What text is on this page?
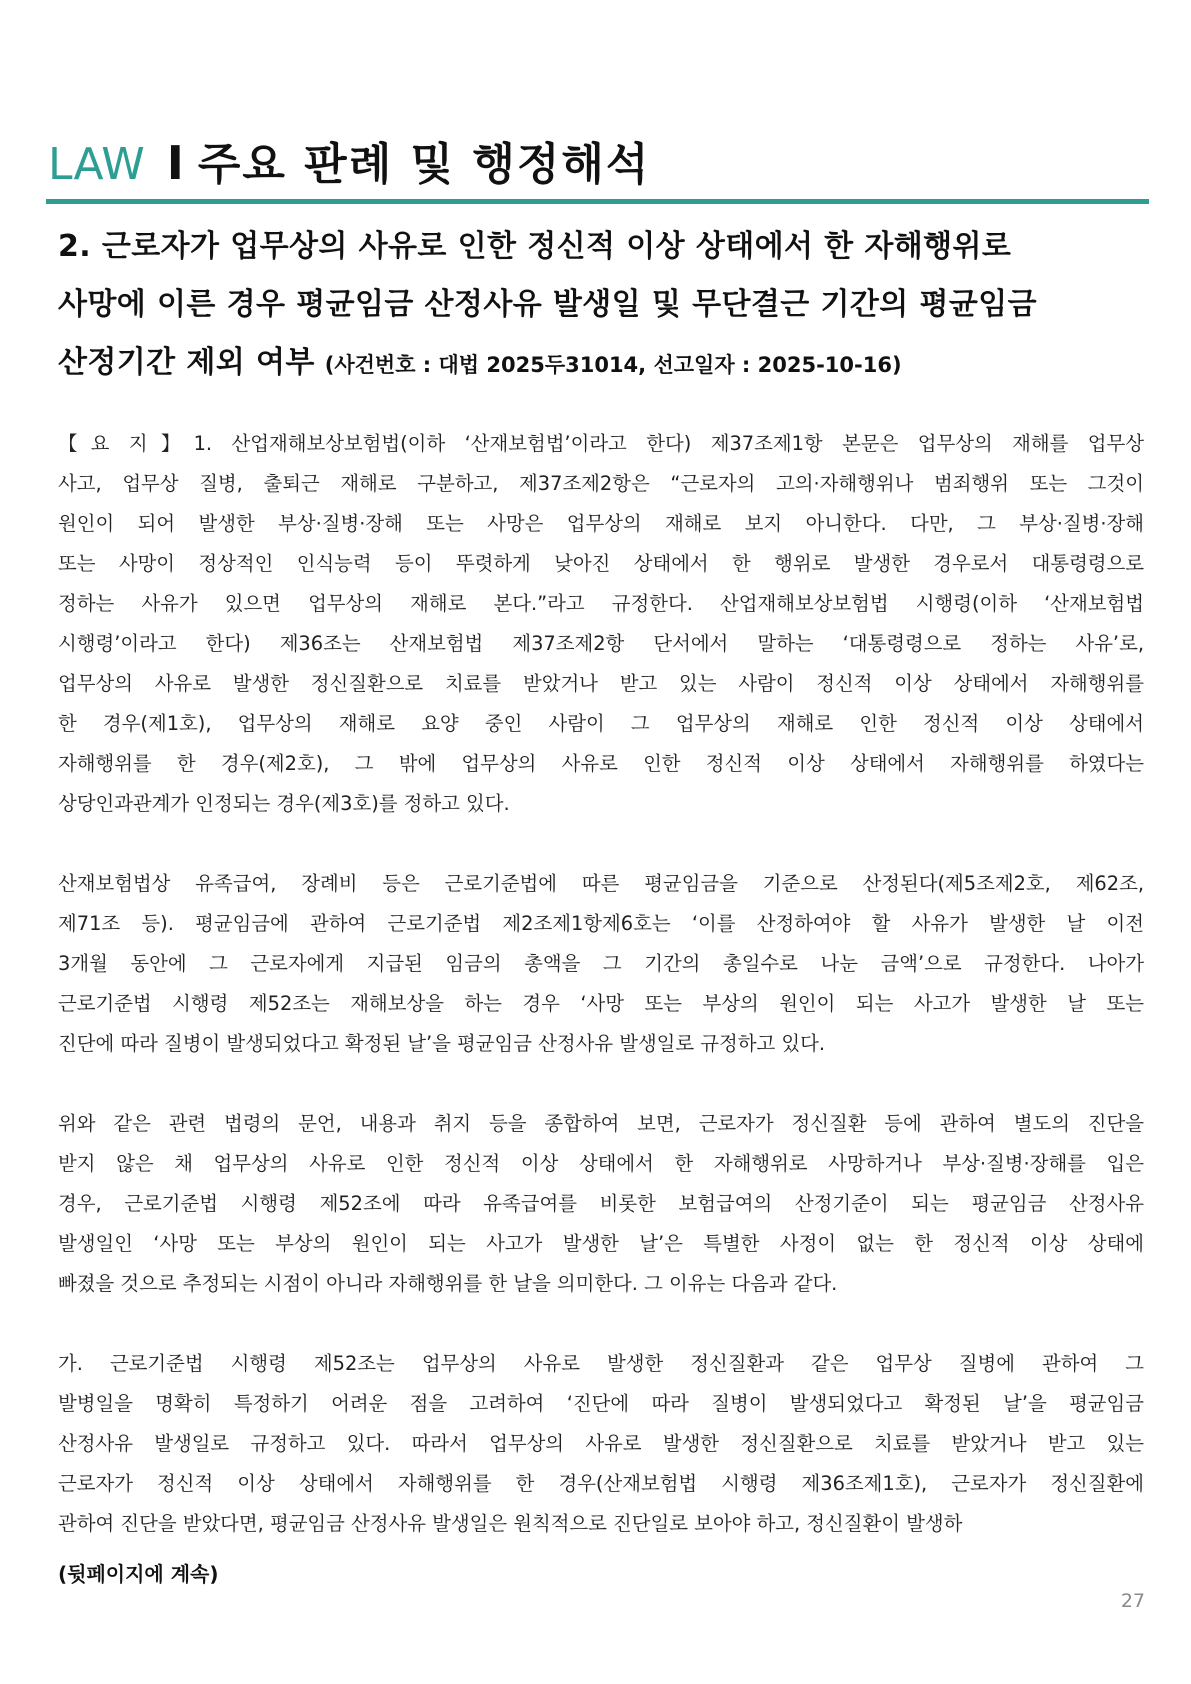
LAW I 주요 판례 및 행정해석
2. 근로자가 업무상의 사유로 인한 정신적 이상 상태에서 한 자해행위로
사망에 이른 경우 평균임금 산정사유 발생일 및 무단결근 기간의 평균임금
산정기간 제외 여부 (사건번호 : 대법 2025두31014, 선고일자 : 2025-10-16)
【요 지】1. 산업재해보상보험법(이하 ‘산재보험법’이라고 한다) 제37조제1항 본문은 업무상의 재해를 업무상
사고, 업무상 질병, 출퇴근 재해로 구분하고, 제37조제2항은 “근로자의 고의·자해행위나 범죄행위 또는 그것이
원인이 되어 발생한 부상·질병·장해 또는 사망은 업무상의 재해로 보지 아니한다. 다만, 그 부상·질병·장해
또는 사망이 정상적인 인식능력 등이 뚜렷하게 낮아진 상태에서 한 행위로 발생한 경우로서 대통령령으로
정하는 사유가 있으면 업무상의 재해로 본다.”라고 규정한다. 산업재해보상보험법 시행령(이하 ‘산재보험법
시행령’이라고 한다) 제36조는 산재보험법 제37조제2항 단서에서 말하는 ‘대통령령으로 정하는 사유’로,
업무상의 사유로 발생한 정신질환으로 치료를 받았거나 받고 있는 사람이 정신적 이상 상태에서 자해행위를
한 경우(제1호), 업무상의 재해로 요양 중인 사람이 그 업무상의 재해로 인한 정신적 이상 상태에서
자해행위를 한 경우(제2호), 그 밖에 업무상의 사유로 인한 정신적 이상 상태에서 자해행위를 하였다는
상당인과관계가 인정되는 경우(제3호)를 정하고 있다.
산재보험법상 유족급여, 장례비 등은 근로기준법에 따른 평균임금을 기준으로 산정된다(제5조제2호, 제62조,
제71조 등). 평균임금에 관하여 근로기준법 제2조제1항제6호는 ‘이를 산정하여야 할 사유가 발생한 날 이전
3개월 동안에 그 근로자에게 지급된 임금의 총액을 그 기간의 총일수로 나눈 금액’으로 규정한다. 나아가
근로기준법 시행령 제52조는 재해보상을 하는 경우 ‘사망 또는 부상의 원인이 되는 사고가 발생한 날 또는
진단에 따라 질병이 발생되었다고 확정된 날’을 평균임금 산정사유 발생일로 규정하고 있다.
위와 같은 관련 법령의 문언, 내용과 취지 등을 종합하여 보면, 근로자가 정신질환 등에 관하여 별도의 진단을
받지 않은 채 업무상의 사유로 인한 정신적 이상 상태에서 한 자해행위로 사망하거나 부상·질병·장해를 입은
경우, 근로기준법 시행령 제52조에 따라 유족급여를 비롯한 보험급여의 산정기준이 되는 평균임금 산정사유
발생일인 ‘사망 또는 부상의 원인이 되는 사고가 발생한 날’은 특별한 사정이 없는 한 정신적 이상 상태에
빠졌을 것으로 추정되는 시점이 아니라 자해행위를 한 날을 의미한다. 그 이유는 다음과 같다.
가. 근로기준법 시행령 제52조는 업무상의 사유로 발생한 정신질환과 같은 업무상 질병에 관하여 그
발병일을 명확히 특정하기 어려운 점을 고려하여 ‘진단에 따라 질병이 발생되었다고 확정된 날’을 평균임금
산정사유 발생일로 규정하고 있다. 따라서 업무상의 사유로 발생한 정신질환으로 치료를 받았거나 받고 있는
근로자가 정신적 이상 상태에서 자해행위를 한 경우(산재보험법 시행령 제36조제1호), 근로자가 정신질환에
관하여 진단을 받았다면, 평균임금 산정사유 발생일은 원칙적으로 진단일로 보아야 하고, 정신질환이 발생하
(뒷페이지에 계속)
27
